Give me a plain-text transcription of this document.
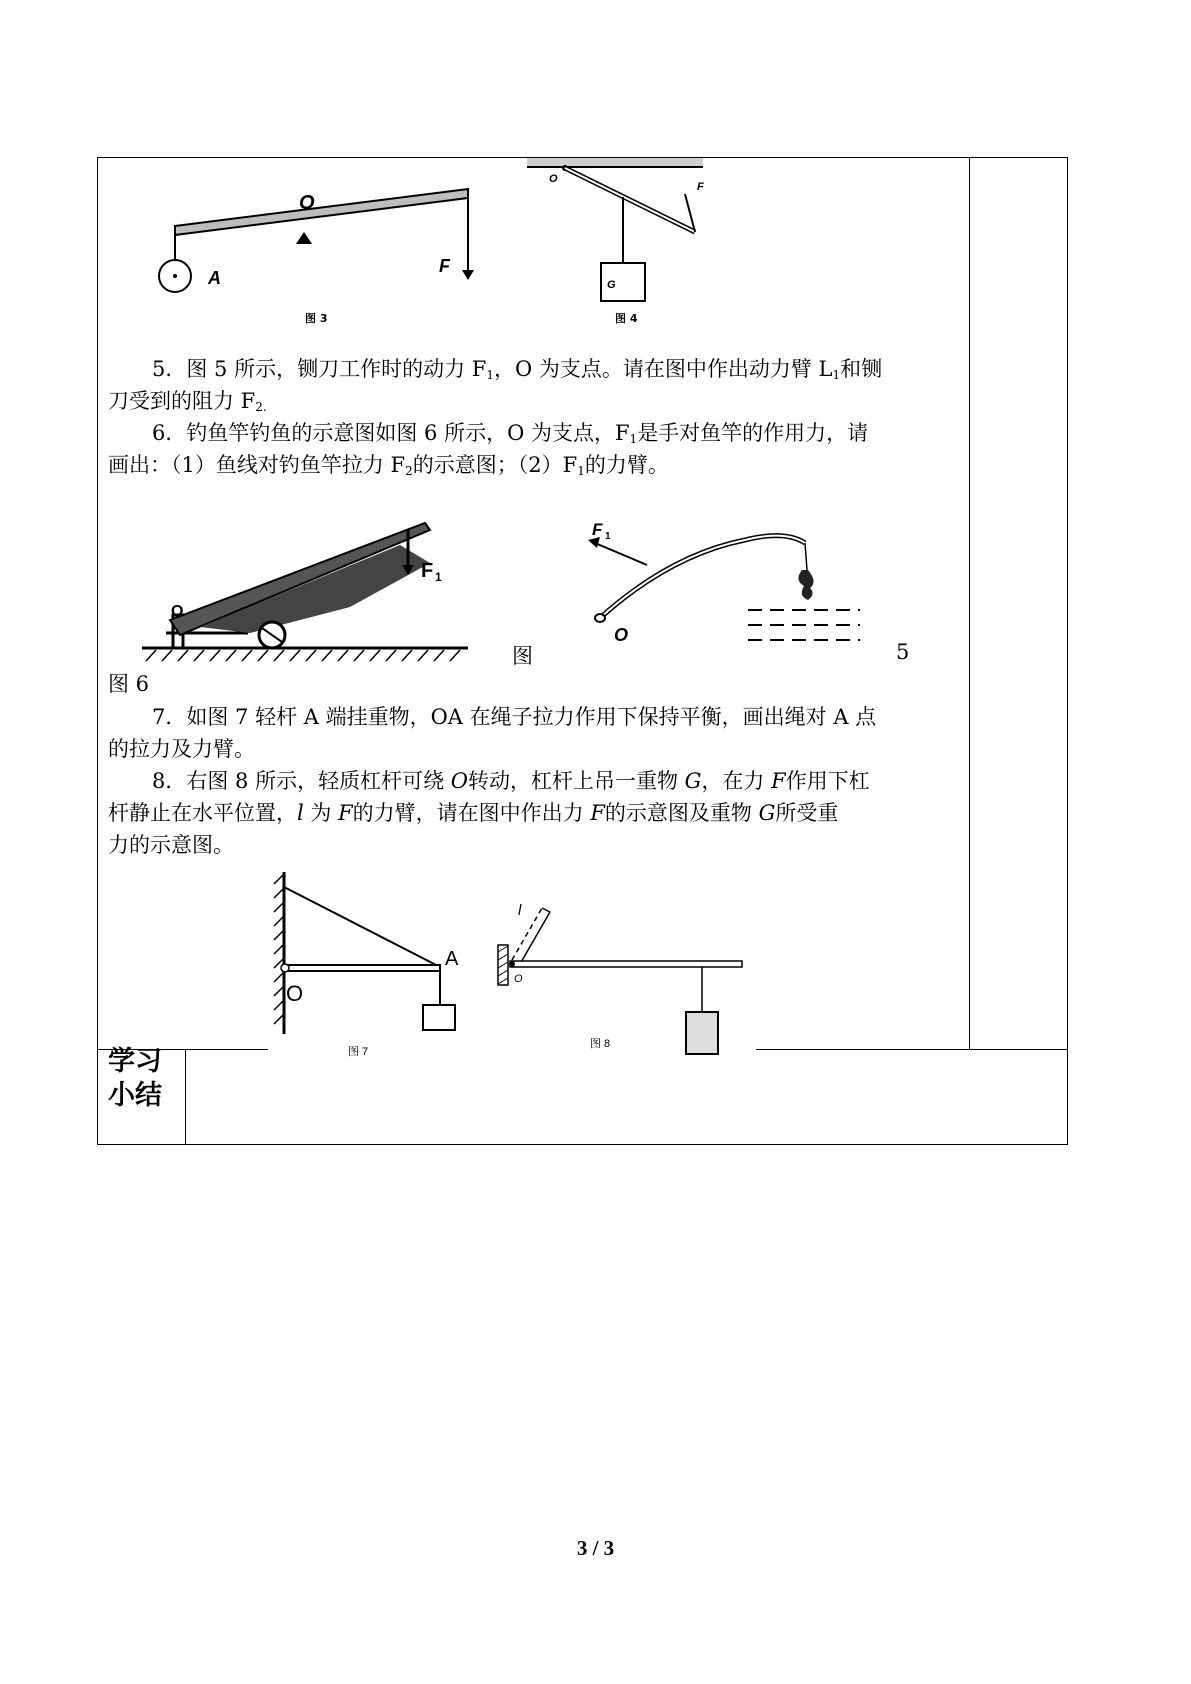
O
A
F
图 3
O
F
G
图 4
5．图 5 所示，铡刀工作时的动力 $F_1$，O 为支点。请在图中作出动力臂 $L_1$和铡
刀受到的阻力 $F_{2.}$
6．钓鱼竿钓鱼的示意图如图 6 所示，O 为支点，$F_1$是手对鱼竿的作用力，请
画出：（1）鱼线对钓鱼竿拉力 $F_2$的示意图；$(2)F_1$的力臂。
O
F 1
图	5
F 1
O
图 6
7．如图 7 轻杆 A 端挂重物，OA 在绳子拉力作用下保持平衡，画出绳对 A 点
的拉力及力臂。
8．右图 8 所示，轻质杠杆可绕 O转动，杠杆上吊一重物 G，在力 F作用下杠
杆静止在水平位置，l 为 F的力臂，请在图中作出力 F的示意图及重物 G所受重
力的示意图。
O
A
图 7
l
O
图 8
学习
小结
3 / 3
